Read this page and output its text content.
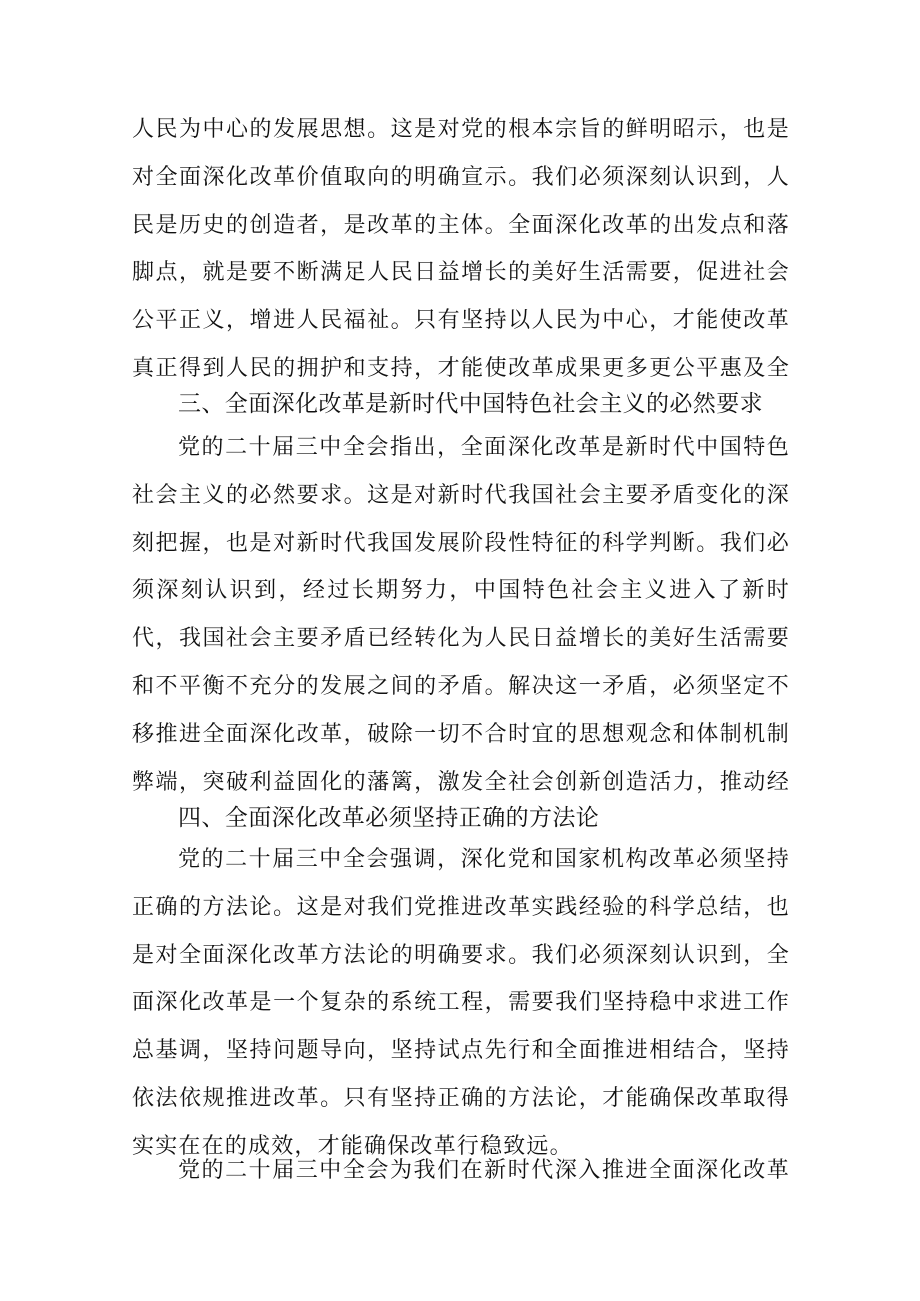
人民为中心的发展思想。这是对党的根本宗旨的鲜明昭示，也是对全面深化改革价值取向的明确宣示。我们必须深刻认识到，人民是历史的创造者，是改革的主体。全面深化改革的出发点和落脚点，就是要不断满足人民日益增长的美好生活需要，促进社会公平正义，增进人民福祉。只有坚持以人民为中心，才能使改革真正得到人民的拥护和支持，才能使改革成果更多更公平惠及全

三、全面深化改革是新时代中国特色社会主义的必然要求

党的二十届三中全会指出，全面深化改革是新时代中国特色社会主义的必然要求。这是对新时代我国社会主要矛盾变化的深刻把握，也是对新时代我国发展阶段性特征的科学判断。我们必须深刻认识到，经过长期努力，中国特色社会主义进入了新时代，我国社会主要矛盾已经转化为人民日益增长的美好生活需要和不平衡不充分的发展之间的矛盾。解决这一矛盾，必须坚定不移推进全面深化改革，破除一切不合时宜的思想观念和体制机制弊端，突破利益固化的藩篱，激发全社会创新创造活力，推动经

四、全面深化改革必须坚持正确的方法论

党的二十届三中全会强调，深化党和国家机构改革必须坚持正确的方法论。这是对我们党推进改革实践经验的科学总结，也是对全面深化改革方法论的明确要求。我们必须深刻认识到，全面深化改革是一个复杂的系统工程，需要我们坚持稳中求进工作总基调，坚持问题导向，坚持试点先行和全面推进相结合，坚持依法依规推进改革。只有坚持正确的方法论，才能确保改革取得实实在在的成效，才能确保改革行稳致远。

党的二十届三中全会为我们在新时代深入推进全面深化改革
